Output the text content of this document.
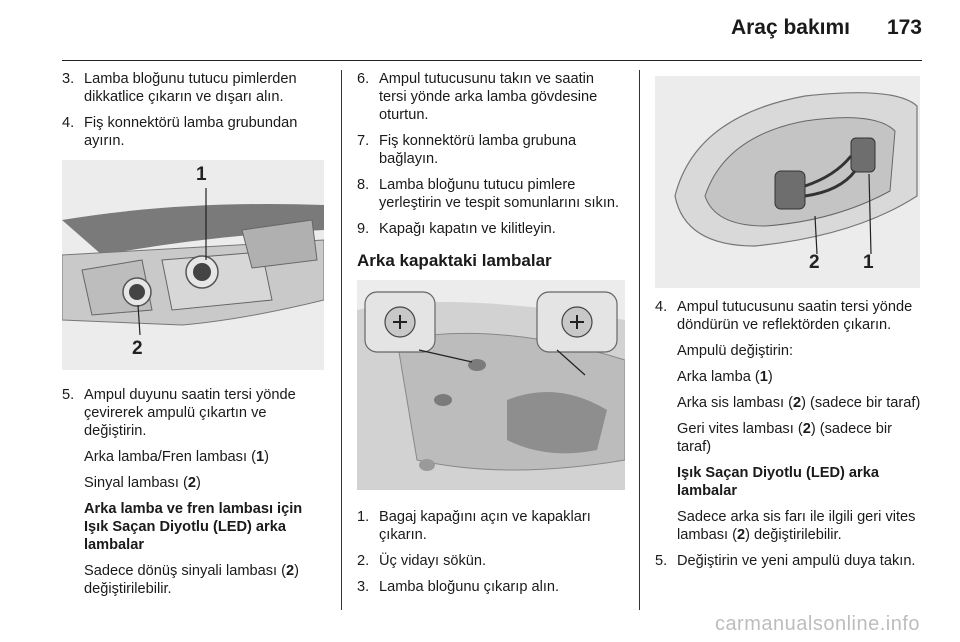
Araç bakımı 173
3. Lamba bloğunu tutucu pimlerden dikkatlice çıkarın ve dışarı alın.
4. Fiş konnektörü lamba grubundan ayırın.
1
2
5. Ampul duyunu saatin tersi yönde çevirerek ampulü çıkartın ve değiştirin.
Arka lamba/Fren lambası (1)
Sinyal lambası (2)
Arka lamba ve fren lambası için Işık Saçan Diyotlu (LED) arka lambalar
Sadece dönüş sinyali lambası (2) değiştirilebilir.
6. Ampul tutucusunu takın ve saatin tersi yönde arka lamba gövdesine oturtun.
7. Fiş konnektörü lamba grubuna bağlayın.
8. Lamba bloğunu tutucu pimlere yerleştirin ve tespit somunlarını sıkın.
9. Kapağı kapatın ve kilitleyin.
Arka kapaktaki lambalar
1. Bagaj kapağını açın ve kapakları çıkarın.
2. Üç vidayı sökün.
3. Lamba bloğunu çıkarıp alın.
2 1
4. Ampul tutucusunu saatin tersi yönde döndürün ve reflektörden çıkarın.
Ampulü değiştirin:
Arka lamba (1)
Arka sis lambası (2) (sadece bir taraf)
Geri vites lambası (2) (sadece bir taraf)
Işık Saçan Diyotlu (LED) arka lambalar
Sadece arka sis farı ile ilgili geri vites lambası (2) değiştirilebilir.
5. Değiştirin ve yeni ampulü duya takın.
carmanualsonline.info
